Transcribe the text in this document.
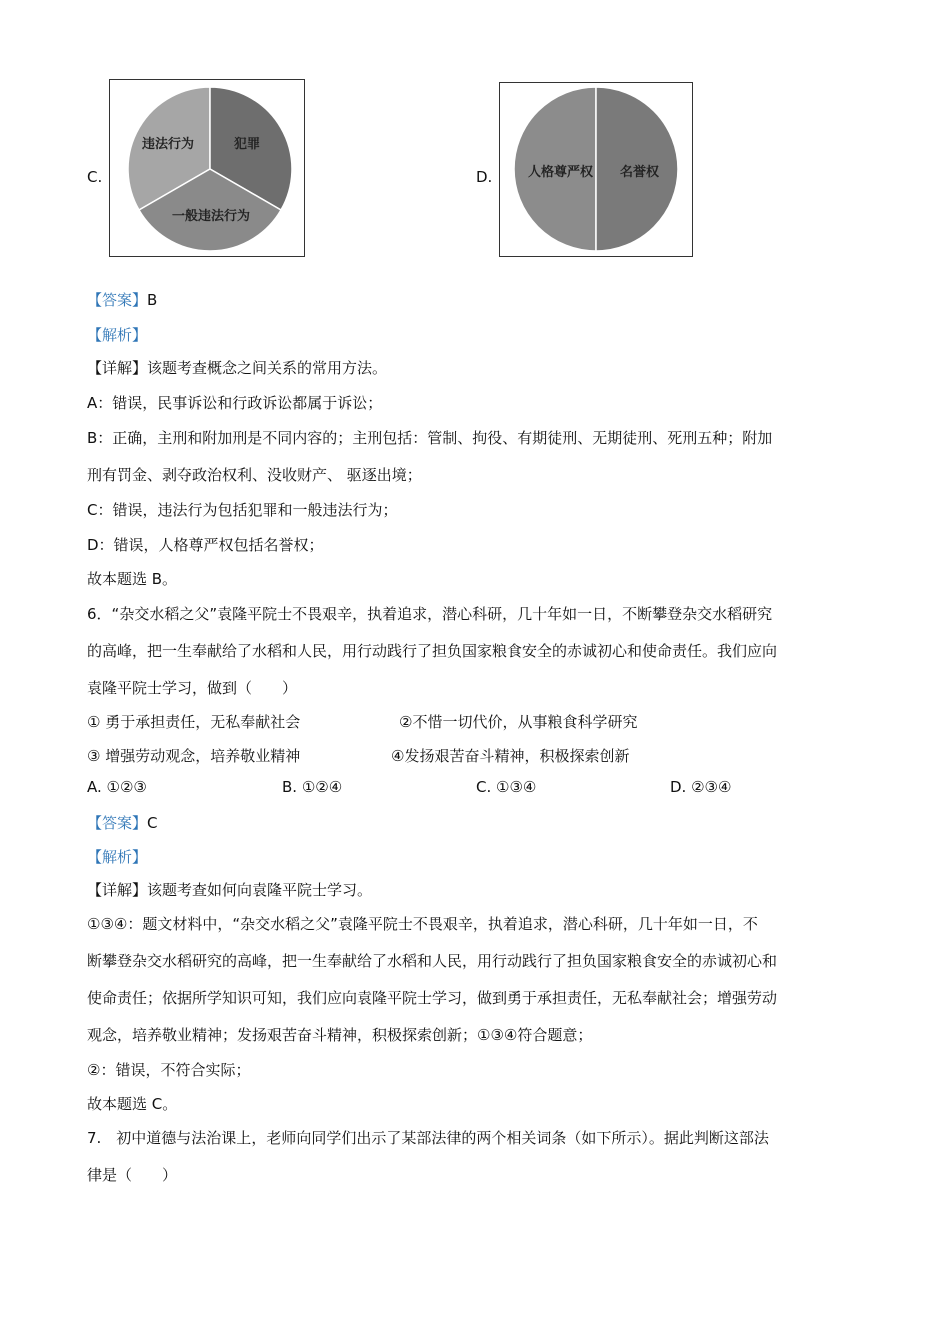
C.
违法行为	犯罪
一般违法行为
D.	人格尊严权 名誉权
【答案】B
【解析】
【详解】该题考查概念之间关系的常用方法。
A：错误，民事诉讼和行政诉讼都属于诉讼；
B：正确，主刑和附加刑是不同内容的；主刑包括：管制、拘役、有期徒刑、无期徒刑、死刑五种；附加
刑有罚金、剥夺政治权利、没收财产、 驱逐出境；
C：错误，违法行为包括犯罪和一般违法行为；
D：错误，人格尊严权包括名誉权；
故本题选 B。
6．“杂交水稻之父”袁隆平院士不畏艰辛，执着追求，潜心科研，几十年如一日，不断攀登杂交水稻研究
的高峰，把一生奉献给了水稻和人民，用行动践行了担负国家粮食安全的赤诚初心和使命责任。我们应向
袁隆平院士学习，做到（　　）
① 勇于承担责任，无私奉献社会	②不惜一切代价，从事粮食科学研究
③ 增强劳动观念，培养敬业精神	④发扬艰苦奋斗精神，积极探索创新
A. ①②③	B. ①②④	C. ①③④	D. ②③④
【答案】C
【解析】
【详解】该题考查如何向袁隆平院士学习。
①③④：题文材料中，“杂交水稻之父”袁隆平院士不畏艰辛，执着追求，潜心科研，几十年如一日，不
断攀登杂交水稻研究的高峰，把一生奉献给了水稻和人民，用行动践行了担负国家粮食安全的赤诚初心和
使命责任；依据所学知识可知，我们应向袁隆平院士学习，做到勇于承担责任，无私奉献社会；增强劳动
观念，培养敬业精神；发扬艰苦奋斗精神，积极探索创新；①③④符合题意；
②：错误，不符合实际；
故本题选 C。
7.　初中道德与法治课上，老师向同学们出示了某部法律的两个相关词条（如下所示）。据此判断这部法
律是（　　）
